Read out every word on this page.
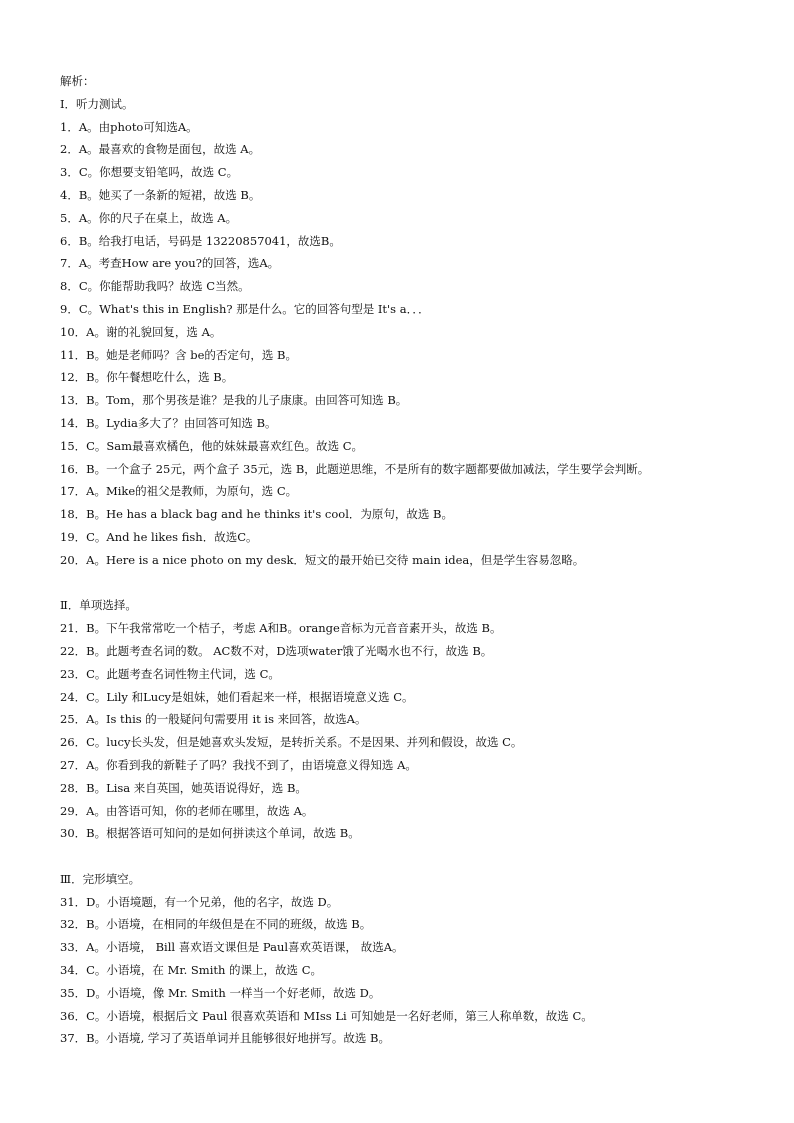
解析：
Ⅰ．听力测试。
1．A。由photo可知选A。
2．A。最喜欢的食物是面包，故选 A。
3．C。你想要支铅笔吗，故选 C。
4．B。她买了一条新的短裙，故选 B。
5．A。你的尺子在桌上，故选 A。
6．B。给我打电话，号码是 13220857041，故选B。
7．A。考查How are you?的回答，选A。
8．C。你能帮助我吗？故选 C当然。
9．C。What's this in English? 那是什么。它的回答句型是 It's a．．．
10．A。谢的礼貌回复，选 A。
11．B。她是老师吗？含 be的否定句，选 B。
12．B。你午餐想吃什么，选 B。
13．B。Tom，那个男孩是谁？是我的儿子康康。由回答可知选 B。
14．B。Lydia多大了？由回答可知选 B。
15．C。Sam最喜欢橘色，他的妹妹最喜欢红色。故选 C。
16．B。一个盒子 25元，两个盒子 35元，选 B，此题逆思维，不是所有的数字题都要做加减法，学生要学会判断。
17．A。Mike的祖父是教师，为原句，选 C。
18．B。He has a black bag and he thinks it's cool．为原句，故选 B。
19．C。And he likes fish．故选C。
20．A。Here is a nice photo on my desk．短文的最开始已交待 main idea，但是学生容易忽略。
Ⅱ．单项选择。
21．B。下午我常常吃一个桔子，考虑 A和B。orange音标为元音音素开头，故选 B。
22．B。此题考查名词的数。 AC数不对，D选项water饿了光喝水也不行，故选 B。
23．C。此题考查名词性物主代词，选 C。
24．C。Lily 和Lucy是姐妹，她们看起来一样，根据语境意义选 C。
25．A。Is this 的一般疑问句需要用 it is 来回答，故选A。
26．C。lucy长头发，但是她喜欢头发短，是转折关系。不是因果、并列和假设，故选 C。
27．A。你看到我的新鞋子了吗？我找不到了，由语境意义得知选 A。
28．B。Lisa 来自英国，她英语说得好，选 B。
29．A。由答语可知，你的老师在哪里，故选 A。
30．B。根据答语可知问的是如何拼读这个单词，故选 B。
Ⅲ．完形填空。
31．D。小语境题，有一个兄弟，他的名字，故选 D。
32．B。小语境，在相同的年级但是在不同的班级，故选 B。
33．A。小语境， Bill 喜欢语文课但是 Paul喜欢英语课， 故选A。
34．C。小语境，在 Mr. Smith 的课上，故选 C。
35．D。小语境，像 Mr. Smith 一样当一个好老师，故选 D。
36．C。小语境，根据后文 Paul 很喜欢英语和 MIss Li 可知她是一名好老师，第三人称单数，故选 C。
37．B。小语境, 学习了英语单词并且能够很好地拼写。故选 B。
